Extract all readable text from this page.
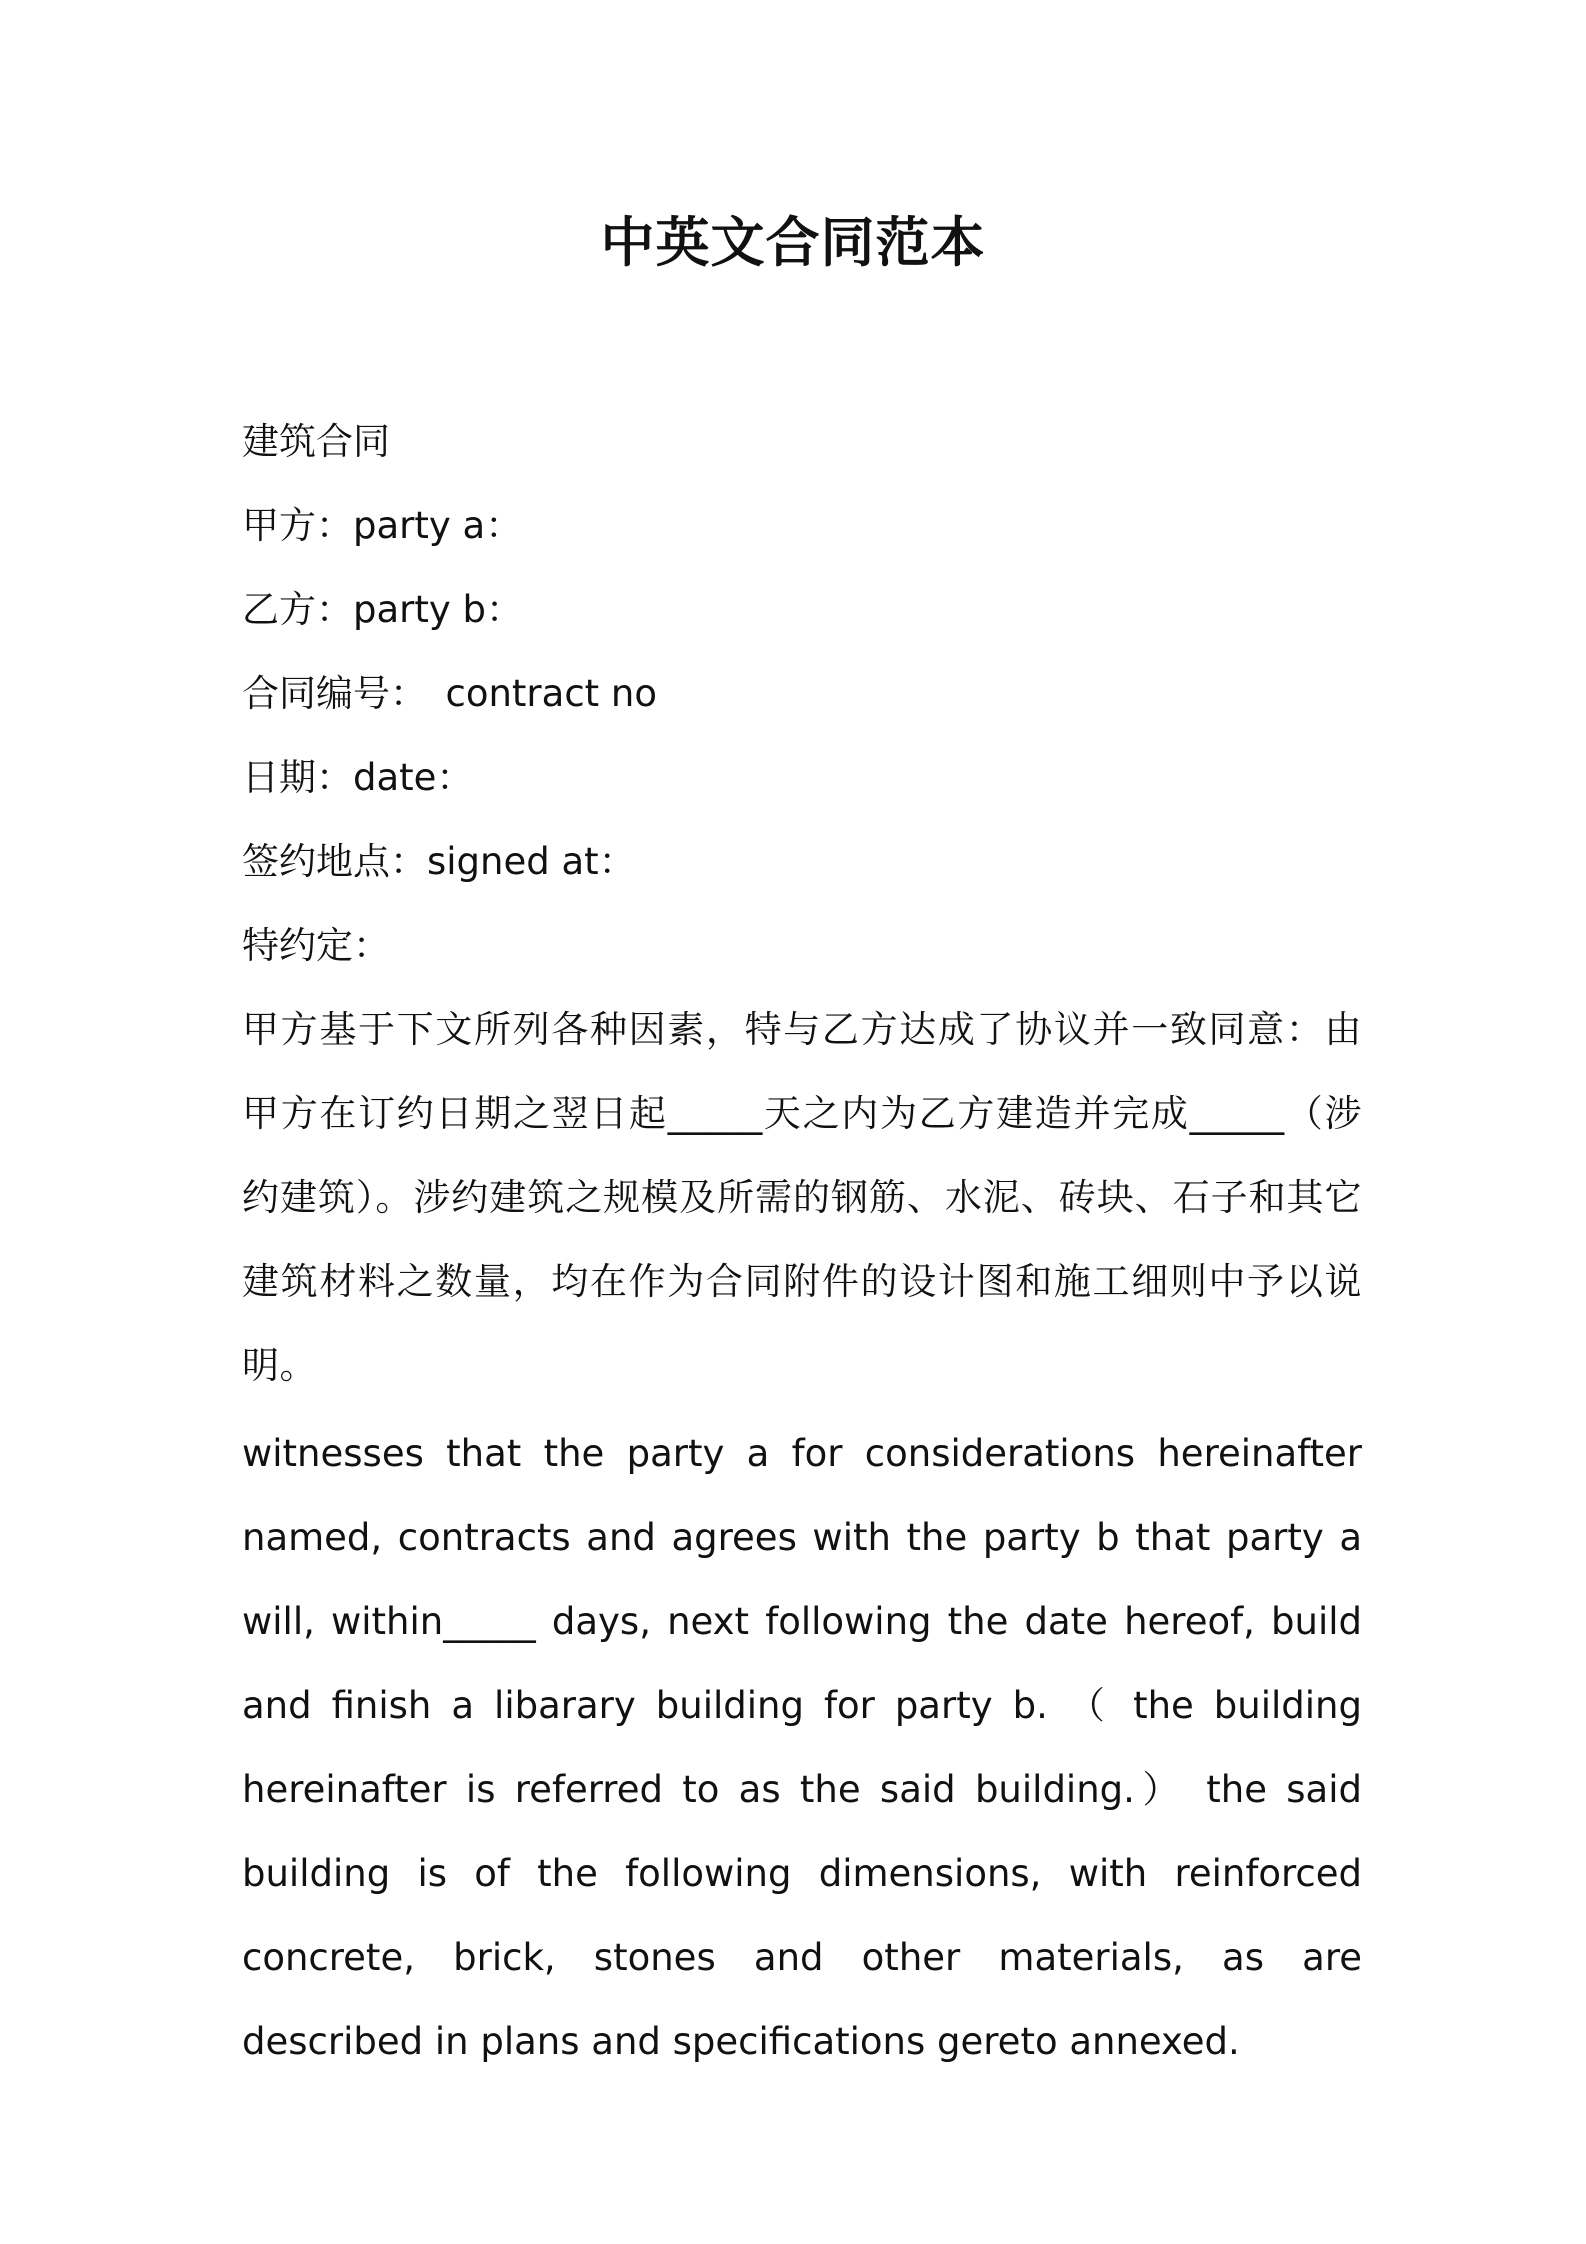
中英文合同范本
建筑合同
甲方：party a：
乙方：party b：
合同编号：　contract no
日期：date：
签约地点：signed at：
特约定：

甲方基于下文所列各种因素，特与乙方达成了协议并一致同意：由甲方在订约日期之翌日起_____天之内为乙方建造并完成_____（涉约建筑）。涉约建筑之规模及所需的钢筋、水泥、砖块、石子和其它建筑材料之数量，均在作为合同附件的设计图和施工细则中予以说明。

witnesses that the party a for considerations hereinafter named, contracts and agrees with the party b that party a will, within_____ days, next following the date hereof, build and finish a libarary building for party b. （ the building hereinafter is referred to as the said building.） the said building is of the following dimensions, with reinforced concrete, brick, stones and other materials, as are described in plans and specifications gereto annexed.
